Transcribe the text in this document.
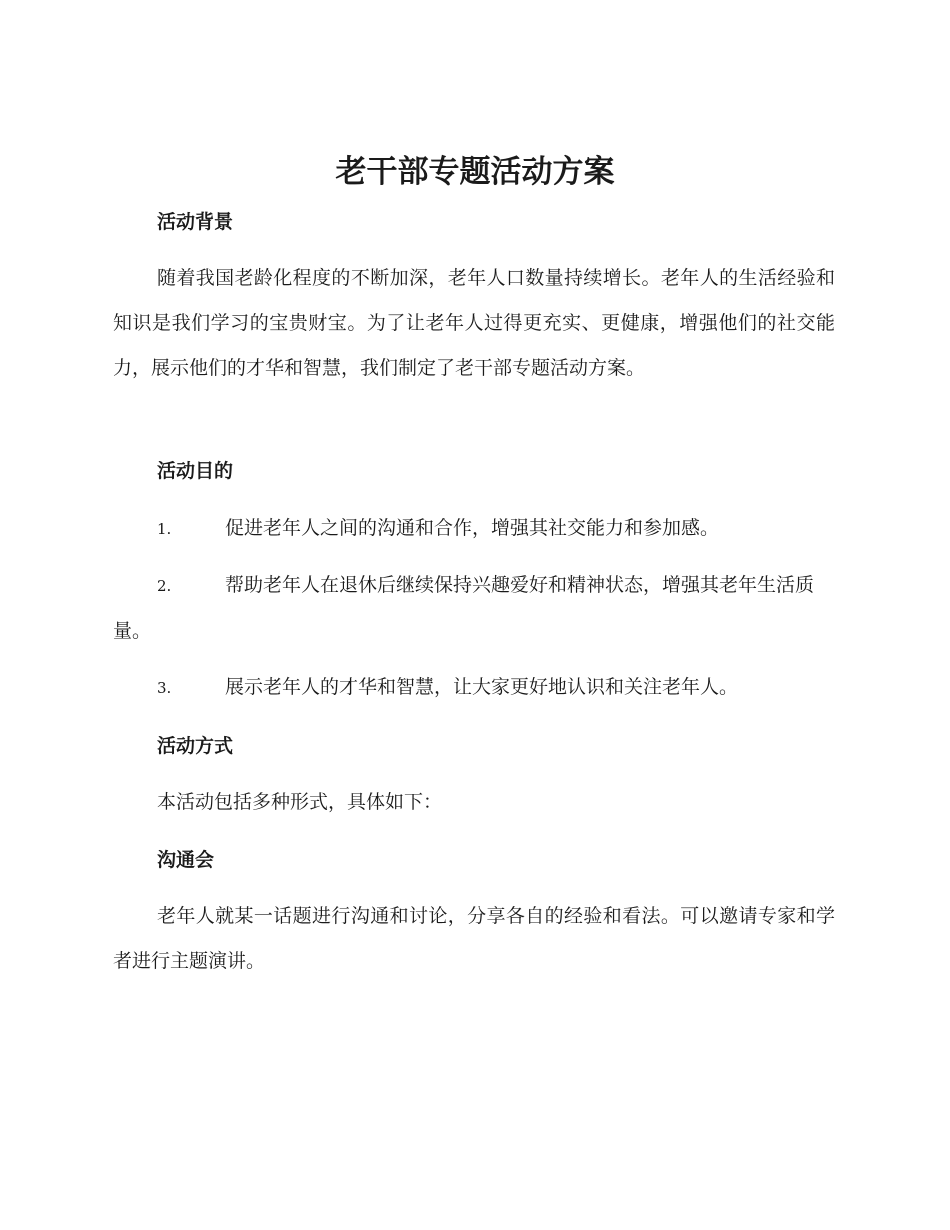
老干部专题活动方案
活动背景

随着我国老龄化程度的不断加深，老年人口数量持续增长。老年人的生活经验和知识是我们学习的宝贵财宝。为了让老年人过得更充实、更健康，增强他们的社交能力，展示他们的才华和智慧，我们制定了老干部专题活动方案。

活动目的
1.	促进老年人之间的沟通和合作，增强其社交能力和参加感。
2.	帮助老年人在退休后继续保持兴趣爱好和精神状态，增强其老年生活质量。
3.	展示老年人的才华和智慧，让大家更好地认识和关注老年人。
活动方式

本活动包括多种形式，具体如下：

沟通会

老年人就某一话题进行沟通和讨论，分享各自的经验和看法。可以邀请专家和学者进行主题演讲。
